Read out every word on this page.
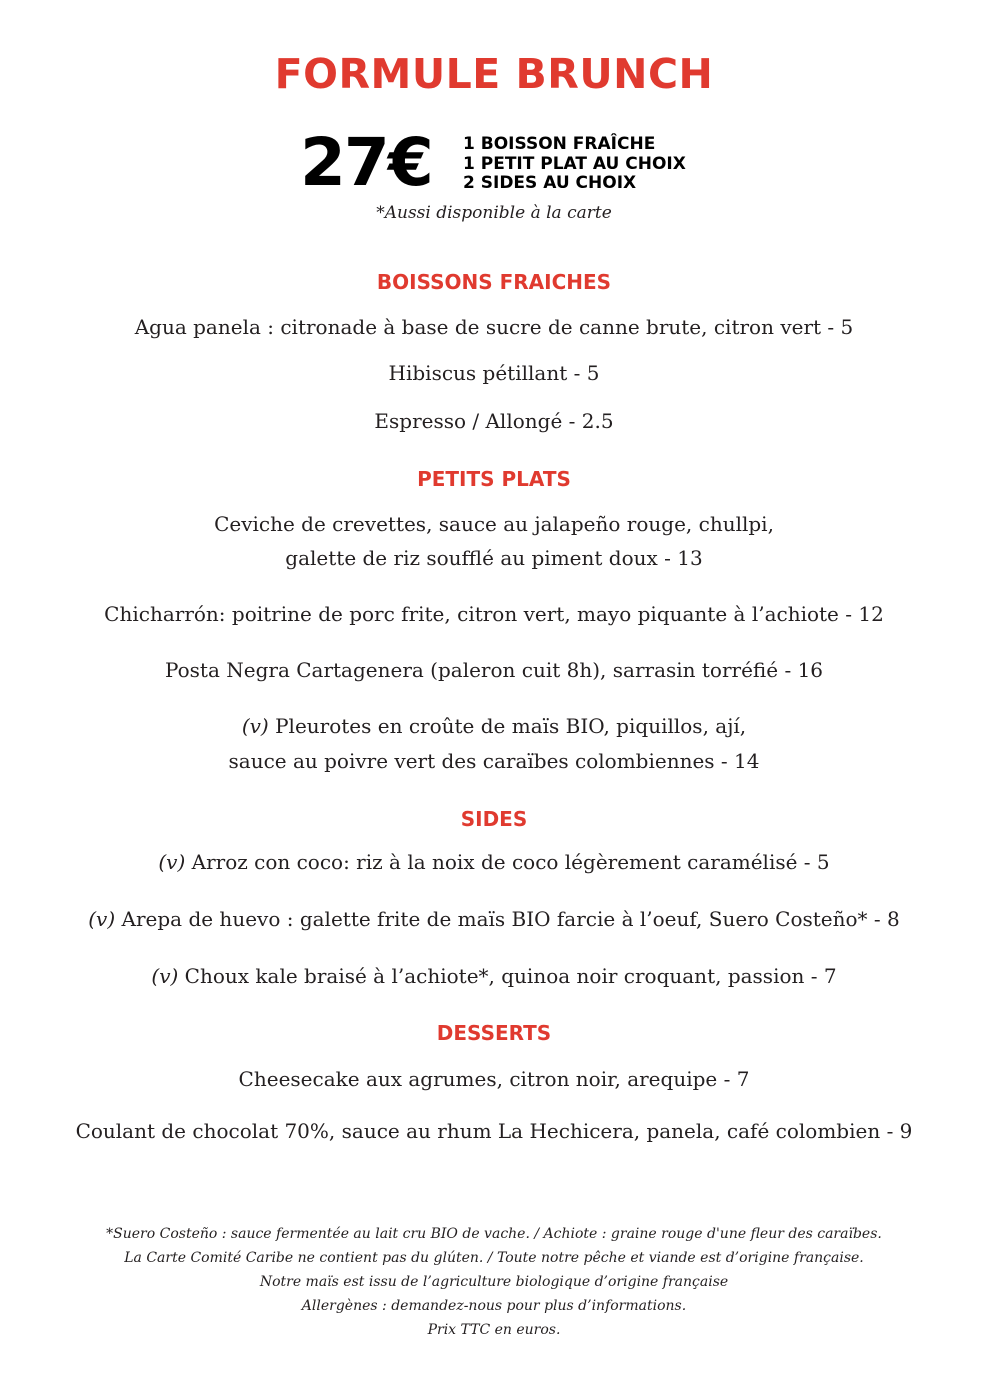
FORMULE BRUNCH
27€ 1 BOISSON FRAÎCHE
1 PETIT PLAT AU CHOIX
2 SIDES AU CHOIX
*Aussi disponible à la carte
BOISSONS FRAICHES
Agua panela : citronade à base de sucre de canne brute, citron vert - 5
Hibiscus pétillant - 5
Espresso / Allongé - 2.5
PETITS PLATS
Ceviche de crevettes, sauce au jalapeño rouge, chullpi,
galette de riz soufflé au piment doux - 13
Chicharrón: poitrine de porc frite, citron vert, mayo piquante à l’achiote - 12
Posta Negra Cartagenera (paleron cuit 8h), sarrasin torréfié - 16
(v) Pleurotes en croûte de maïs BIO, piquillos, ají,
sauce au poivre vert des caraïbes colombiennes - 14
SIDES
(v) Arroz con coco: riz à la noix de coco légèrement caramélisé - 5
(v) Arepa de huevo : galette frite de maïs BIO farcie à l’oeuf, Suero Costeño* - 8
(v) Choux kale braisé à l’achiote*, quinoa noir croquant, passion - 7
DESSERTS
Cheesecake aux agrumes, citron noir, arequipe - 7
Coulant de chocolat 70%, sauce au rhum La Hechicera, panela, café colombien - 9
*Suero Costeño : sauce fermentée au lait cru BIO de vache. / Achiote : graine rouge d'une fleur des caraïbes.
La Carte Comité Caribe ne contient pas du glúten. / Toute notre pêche et viande est d’origine française.
Notre maïs est issu de l’agriculture biologique d’origine française
Allergènes : demandez-nous pour plus d’informations.
Prix TTC en euros.
